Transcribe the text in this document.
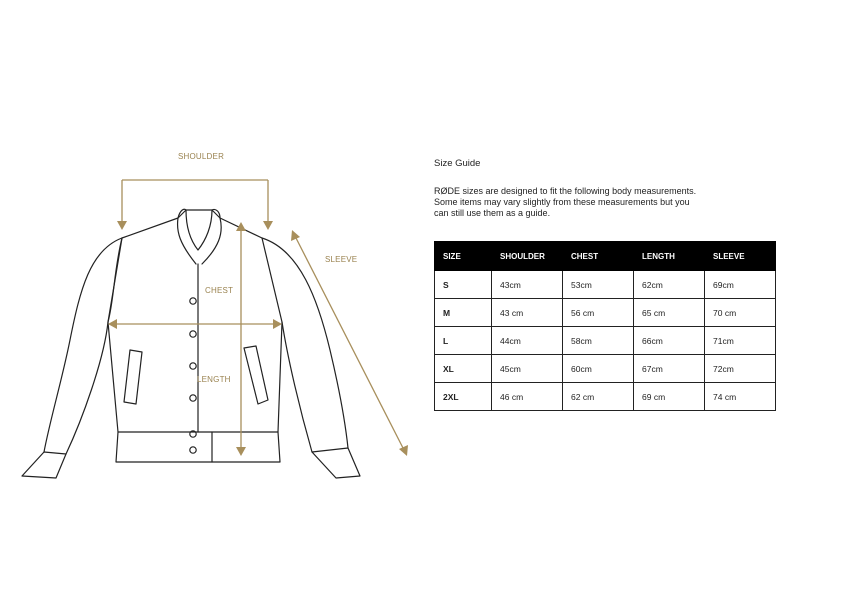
SHOULDER
CHEST
LENGTH
SLEEVE
Size Guide
RØDE sizes are designed to fit the following body measurements. Some items may vary slightly from these measurements but you can still use them as a guide.
SIZE	SHOULDER	CHEST	LENGTH	SLEEVE
S	43cm	53cm	62cm	69cm
M	43 cm	56 cm	65 cm	70 cm
L	44cm	58cm	66cm	71cm
XL	45cm	60cm	67cm	72cm
2XL	46 cm	62 cm	69 cm	74 cm
